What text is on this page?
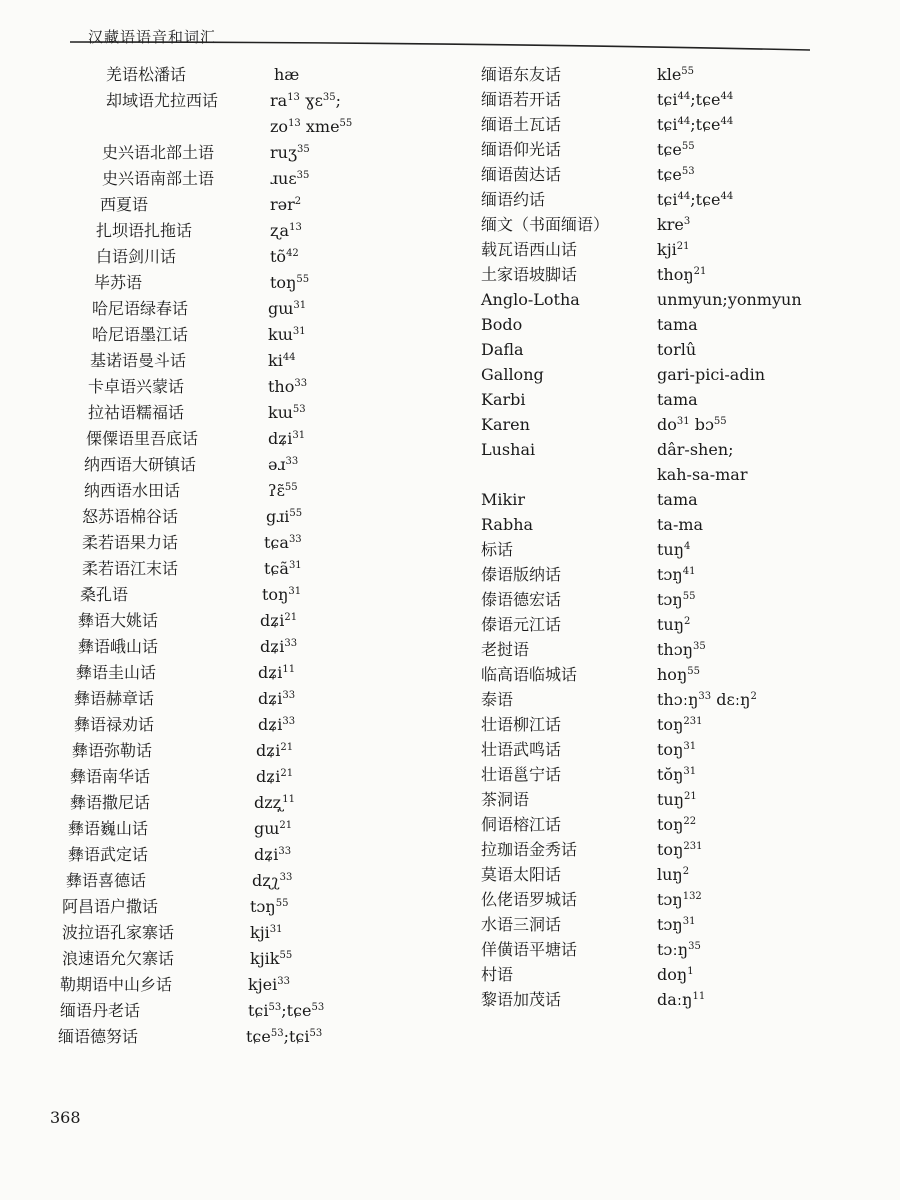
汉藏语语音和词汇
羌语松潘话	hæ
却域语尤拉西话	$ra^{13}$ ɣɛ$^{35}$;
$zo^{13}$ xme$^{55}$
史兴语北部土语	ruʒ$^{35}$
史兴语南部土语	ɹuɛ$^{35}$
西夏语	rər$^2$
扎坝语扎拖话	ʐa$^{13}$
白语剑川话	$tõ^{42}$
毕苏语	toŋ$^{55}$
哈尼语绿春话	gɯ$^{31}$
哈尼语墨江话	kɯ$^{31}$
基诺语曼斗话	$ki^{44}$
卡卓语兴蒙话	tho$^{33}$
拉祜语糯福话	kɯ$^{53}$
傈僳语里吾底话	dʑi$^{31}$
纳西语大研镇话	əɹ$^{33}$
纳西语水田话	ʔɛ̃$^{55}$
怒苏语棉谷话	gɹi$^{55}$
柔若语果力话	tɕa$^{33}$
柔若语江末话	tɕã$^{31}$
桑孔语	toŋ$^{31}$
彝语大姚话	dʑi$^{21}$
彝语峨山话	dʑi$^{33}$
彝语圭山话	dʑi$^{11}$
彝语赫章话	dʑi$^{33}$
彝语禄劝话	dʑi$^{33}$
彝语弥勒话	dʑi$^{21}$
彝语南华话	dʑi$^{21}$
彝语撒尼话	dzʐ̩$^{11}$
彝语巍山话	gɯ$^{21}$
彝语武定话	dʑi$^{33}$
彝语喜德话	dʐʅ$^{33}$
阿昌语户撒话	tɔŋ$^{55}$
波拉语孔家寨话	kji$^{31}$
浪速语允欠寨话	kjik$^{55}$
勒期语中山乡话	kjei$^{33}$
缅语丹老话	tɕi$^{53}$;tɕe$^{53}$
缅语德努话	tɕe$^{53}$;tɕi$^{53}$
缅语东友话	kle$^{55}$
缅语若开话	tɕi$^{44}$;tɕe$^{44}$
缅语土瓦话	tɕi$^{44}$;tɕe$^{44}$
缅语仰光话	tɕe$^{55}$
缅语茵达话	tɕe$^{53}$
缅语约话	tɕi$^{44}$;tɕe$^{44}$
缅文（书面缅语）	kre$^3$
载瓦语西山话	kji$^{21}$
土家语坡脚话	thoŋ$^{21}$
Anglo-Lotha	unmyun;yonmyun
Bodo	tama
Dafla	torlû
Gallong	gari-pici-adin
Karbi	tama
Karen	$do^{31}$ bɔ$^{55}$
Lushai	dâr-shen;
kah-sa-mar
Mikir	tama
Rabha	ta-ma
标话	tuŋ$^4$
傣语版纳话	tɔŋ$^{41}$
傣语德宏话	tɔŋ$^{55}$
傣语元江话	tuŋ$^2$
老挝语	thɔŋ$^{35}$
临高语临城话	hoŋ$^{55}$
泰语	thɔːŋ$^{33}$ dɛːŋ$^2$
壮语柳江话	toŋ$^{231}$
壮语武鸣话	toŋ$^{31}$
壮语邕宁话	tŏŋ$^{31}$
茶洞语	tuŋ$^{21}$
侗语榕江话	toŋ$^{22}$
拉珈语金秀话	toŋ$^{231}$
莫语太阳话	luŋ$^2$
仫佬语罗城话	tɔŋ$^{132}$
水语三洞话	tɔŋ$^{31}$
佯僙语平塘话	tɔːŋ$^{35}$
村语	doŋ$^1$
黎语加茂话	daːŋ$^{11}$
368
